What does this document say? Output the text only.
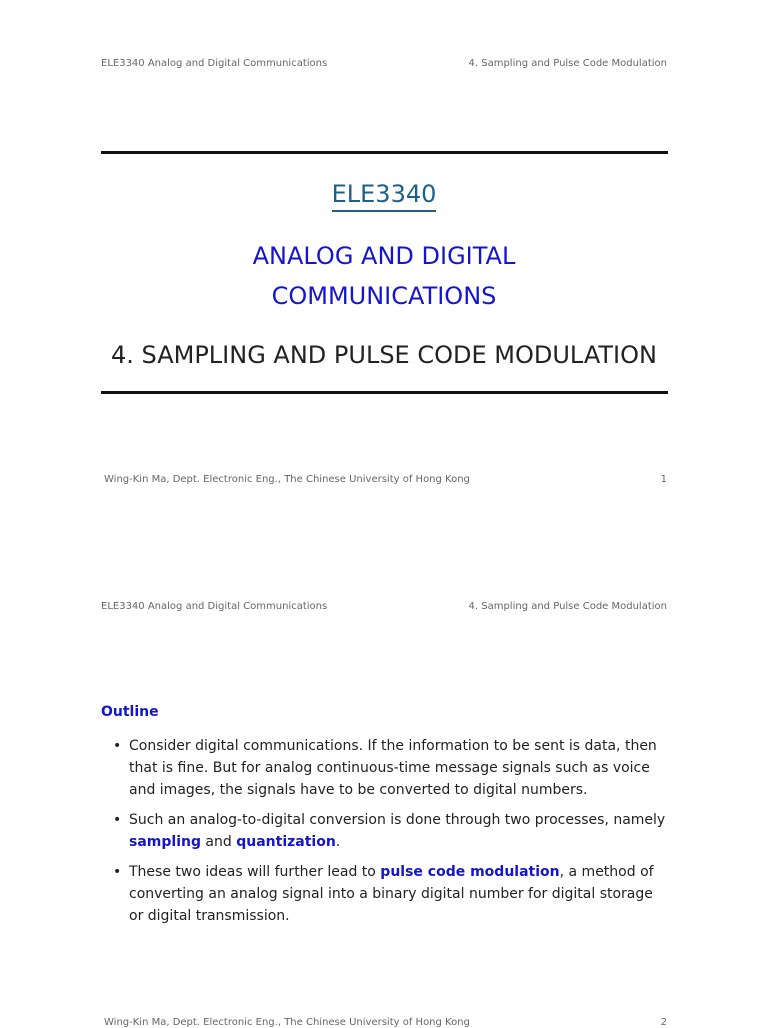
ELE3340 Analog and Digital Communications	4. Sampling and Pulse Code Modulation
ELE3340
ANALOG AND DIGITAL COMMUNICATIONS
4. SAMPLING AND PULSE CODE MODULATION
Wing-Kin Ma, Dept. Electronic Eng., The Chinese University of Hong Kong	1
ELE3340 Analog and Digital Communications	4. Sampling and Pulse Code Modulation
Outline
• Consider digital communications. If the information to be sent is data, then that is fine. But for analog continuous-time message signals such as voice and images, the signals have to be converted to digital numbers.
• Such an analog-to-digital conversion is done through two processes, namely sampling and quantization.
• These two ideas will further lead to pulse code modulation, a method of converting an analog signal into a binary digital number for digital storage or digital transmission.
Wing-Kin Ma, Dept. Electronic Eng., The Chinese University of Hong Kong	2
